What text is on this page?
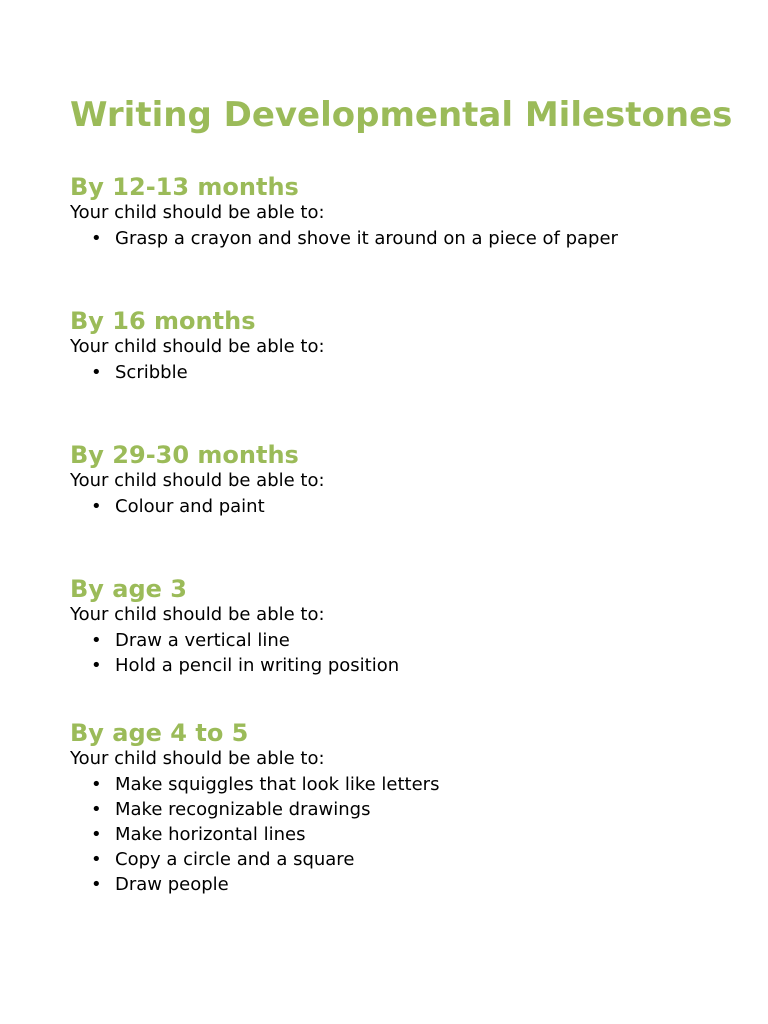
Writing Developmental Milestones
By 12-13 months

Your child should be able to:

• Grasp a crayon and shove it around on a piece of paper
By 16 months

Your child should be able to:

• Scribble
By 29-30 months

Your child should be able to:

• Colour and paint
By age 3

Your child should be able to:

• Draw a vertical line
• Hold a pencil in writing position
By age 4 to 5

Your child should be able to:

• Make squiggles that look like letters
• Make recognizable drawings
• Make horizontal lines
• Copy a circle and a square
• Draw people
